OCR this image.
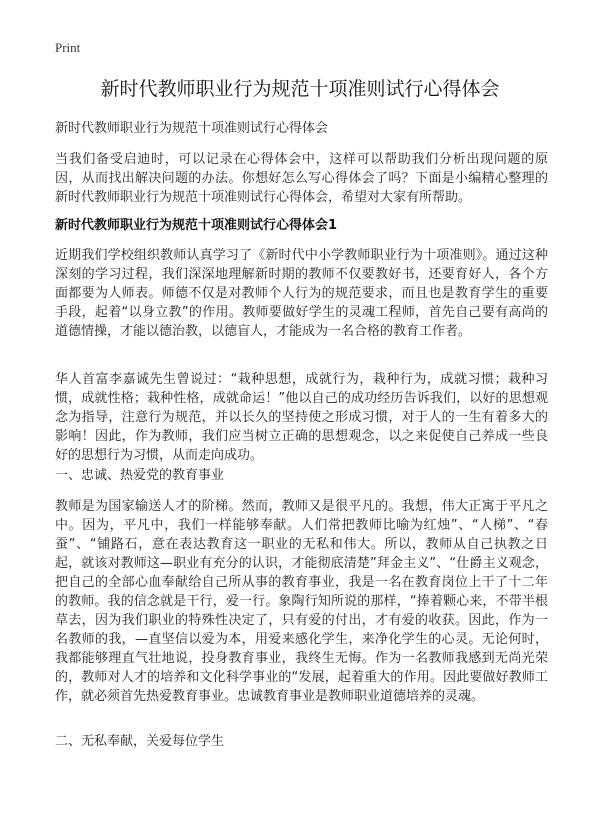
Print
新时代教师职业行为规范十项准则试行心得体会
新时代教师职业行为规范十项准则试行心得体会

当我们备受启迪时，可以记录在心得体会中，这样可以帮助我们分析出现问题的原因，从而找出解决问题的办法。你想好怎么写心得体会了吗？下面是小编精心整理的新时代教师职业行为规范十项准则试行心得体会，希望对大家有所帮助。

新时代教师职业行为规范十项准则试行心得体会1

近期我们学校组织教师认真学习了《新时代中小学教师职业行为十项准则》。通过这种深刻的学习过程，我们深深地理解新时期的教师不仅要教好书，还要育好人，各个方面都要为人师表。师德不仅是对教师个人行为的规范要求，而且也是教育学生的重要手段，起着“以身立教”的作用。教师要做好学生的灵魂工程师，首先自己要有高尚的道德情操，才能以德治教，以德盲人，才能成为一名合格的教育工作者。

华人首富李嘉诚先生曾说过：“栽种思想，成就行为，栽种行为，成就习惯；栽种习惯，成就性格；栽种性格，成就命运！”他以自己的成功经历告诉我们，以好的思想观念为指导，注意行为规范，并以长久的坚持使之形成习惯，对于人的一生有着多大的影响！因此，作为教师，我们应当树立正确的思想观念，以之来促使自己养成一些良好的思想行为习惯，从而走向成功。

一、忠诚、热爱党的教育事业

教师是为国家输送人才的阶梯。然而，教师又是很平凡的。我想，伟大正寓于平凡之中。因为，平凡中，我们一样能够奉献。人们常把教师比喻为红烛”、“人梯”、“春蚕”、“铺路石，意在表达教育这一职业的无私和伟大。所以，教师从自己执教之日起，就该对教师这—职业有充分的认识，才能彻底清楚”拜金主义”、“仕爵主义观念，把自己的全部心血奉献给自己所从事的教育事业，我是一名在教育岗位上干了十二年的教师。我的信念就是干行，爱一行。象陶行知所说的那样，“捧着颗心来，不带半根草去，因为我们职业的特殊性决定了，只有爱的付出，才有爱的收获。因此，作为一名教师的我，—直坚信以爱为本，用爱来感化学生，来净化学生的心灵。无论何时，我都能够理直气壮地说，投身教育事业，我终生无悔。作为一名教师我感到无尚光荣的，教师对人才的培养和文化科学事业的“发展，起着重大的作用。因此要做好教师工作，就必须首先热爱教育事业。忠诚教育事业是教师职业道德培养的灵魂。

二、无私奉献，关爱每位学生
